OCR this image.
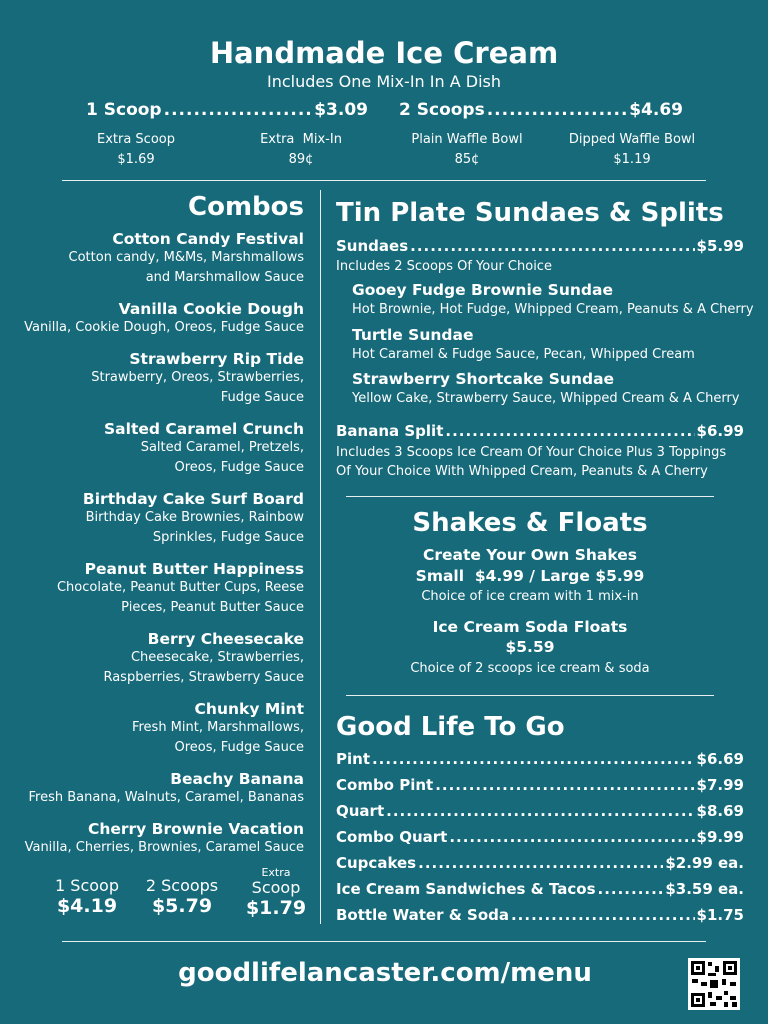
Handmade Ice Cream
Includes One Mix-In In A Dish
1 Scoop .....	$3.09 2 Scoops .....	$4.69
Extra Scoop
$1.69
Extra  Mix-In
89¢
Plain Waffle Bowl
85¢
Dipped Waffle Bowl
$1.19
Combos
Cotton Candy Festival
Cotton candy, M&Ms, Marshmallows
and Marshmallow Sauce
Vanilla Cookie Dough
Vanilla, Cookie Dough, Oreos, Fudge Sauce
Strawberry Rip Tide
Strawberry, Oreos, Strawberries,
Fudge Sauce
Salted Caramel Crunch
Salted Caramel, Pretzels,
Oreos, Fudge Sauce
Birthday Cake Surf Board
Birthday Cake Brownies, Rainbow
Sprinkles, Fudge Sauce
Peanut Butter Happiness
Chocolate, Peanut Butter Cups, Reese
Pieces, Peanut Butter Sauce
Berry Cheesecake
Cheesecake, Strawberries,
Raspberries, Strawberry Sauce
Chunky Mint
Fresh Mint, Marshmallows,
Oreos, Fudge Sauce
Beachy Banana
Fresh Banana, Walnuts, Caramel, Bananas
Cherry Brownie Vacation
Vanilla, Cherries, Brownies, Caramel Sauce
1 Scoop
$4.19
2 Scoops
$5.79
Extra
Scoop
$1.79
Tin Plate Sundaes & Splits
Sundaes .....	$5.99
Includes 2 Scoops Of Your Choice
Gooey Fudge Brownie Sundae
Hot Brownie, Hot Fudge, Whipped Cream, Peanuts & A Cherry
Turtle Sundae
Hot Caramel & Fudge Sauce, Pecan, Whipped Cream
Strawberry Shortcake Sundae
Yellow Cake, Strawberry Sauce, Whipped Cream & A Cherry
Banana Split .....	$6.99
Includes 3 Scoops Ice Cream Of Your Choice Plus 3 Toppings
Of Your Choice With Whipped Cream, Peanuts & A Cherry
Shakes & Floats
Create Your Own Shakes
Small  $4.99 / Large $5.99
Choice of ice cream with 1 mix-in
Ice Cream Soda Floats
$5.59
Choice of 2 scoops ice cream & soda
Good Life To Go
Pint .....	$6.69
Combo Pint .....	$7.99
Quart .....	$8.69
Combo Quart .....	$9.99
Cupcakes .....	$2.99 ea.
Ice Cream Sandwiches & Tacos .....	$3.59 ea.
Bottle Water & Soda .....	$1.75
goodlifelancaster.com/menu
